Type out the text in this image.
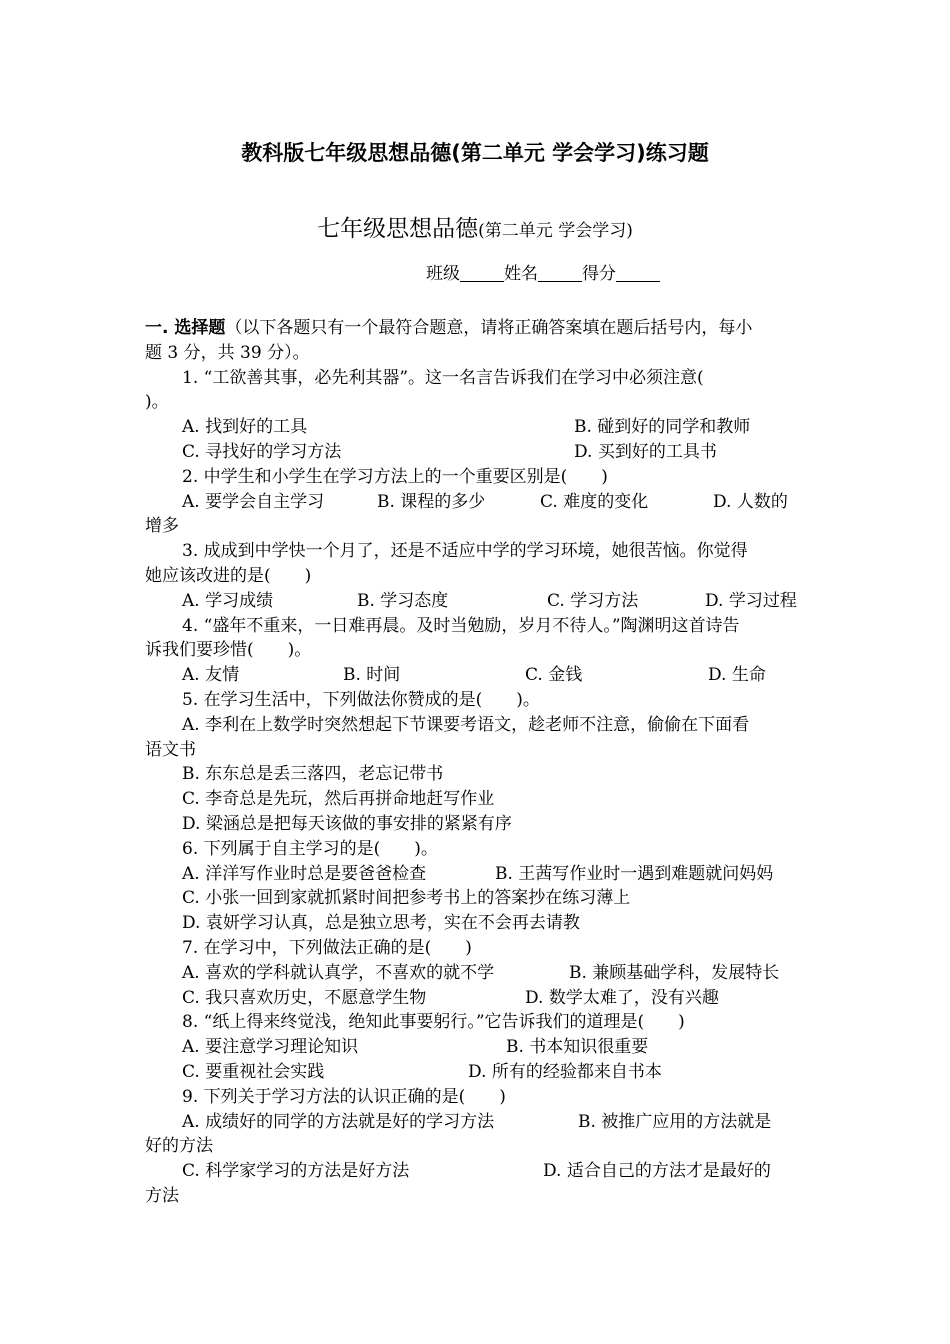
教科版七年级思想品德(第二单元 学会学习)练习题
七年级思想品德(第二单元 学会学习)
班级	姓名	得分
一. 选择题（以下各题只有一个最符合题意，请将正确答案填在题后括号内，每小
题 3 分，共 39 分）。
1. “工欲善其事，必先利其器”。这一名言告诉我们在学习中必须注意(
)。
A. 找到好的工具	B. 碰到好的同学和教师
C. 寻找好的学习方法	D. 买到好的工具书
2. 中学生和小学生在学习方法上的一个重要区别是(　　)
A. 要学会自主学习	B. 课程的多少	C. 难度的变化	D. 人数的
增多
3. 成成到中学快一个月了，还是不适应中学的学习环境，她很苦恼。你觉得
她应该改进的是(　　)
A. 学习成绩	B. 学习态度	C. 学习方法	D. 学习过程
4. “盛年不重来，一日难再晨。及时当勉励，岁月不待人。”陶渊明这首诗告
诉我们要珍惜(　　)。
A. 友情	B. 时间	C. 金钱	D. 生命
5. 在学习生活中，下列做法你赞成的是(　　)。
A. 李利在上数学时突然想起下节课要考语文，趁老师不注意，偷偷在下面看
语文书
B. 东东总是丢三落四，老忘记带书
C. 李奇总是先玩，然后再拼命地赶写作业
D. 梁涵总是把每天该做的事安排的紧紧有序
6. 下列属于自主学习的是(　　)。
A. 洋洋写作业时总是要爸爸检查	B. 王茜写作业时一遇到难题就问妈妈
C. 小张一回到家就抓紧时间把参考书上的答案抄在练习薄上
D. 袁妍学习认真，总是独立思考，实在不会再去请教
7. 在学习中，下列做法正确的是(　　)
A. 喜欢的学科就认真学，不喜欢的就不学	B. 兼顾基础学科，发展特长
C. 我只喜欢历史，不愿意学生物	D. 数学太难了，没有兴趣
8. “纸上得来终觉浅，绝知此事要躬行。”它告诉我们的道理是(　　)
A. 要注意学习理论知识	B. 书本知识很重要
C. 要重视社会实践	D. 所有的经验都来自书本
9. 下列关于学习方法的认识正确的是(　　)
A. 成绩好的同学的方法就是好的学习方法	B. 被推广应用的方法就是
好的方法
C. 科学家学习的方法是好方法	D. 适合自己的方法才是最好的
方法
